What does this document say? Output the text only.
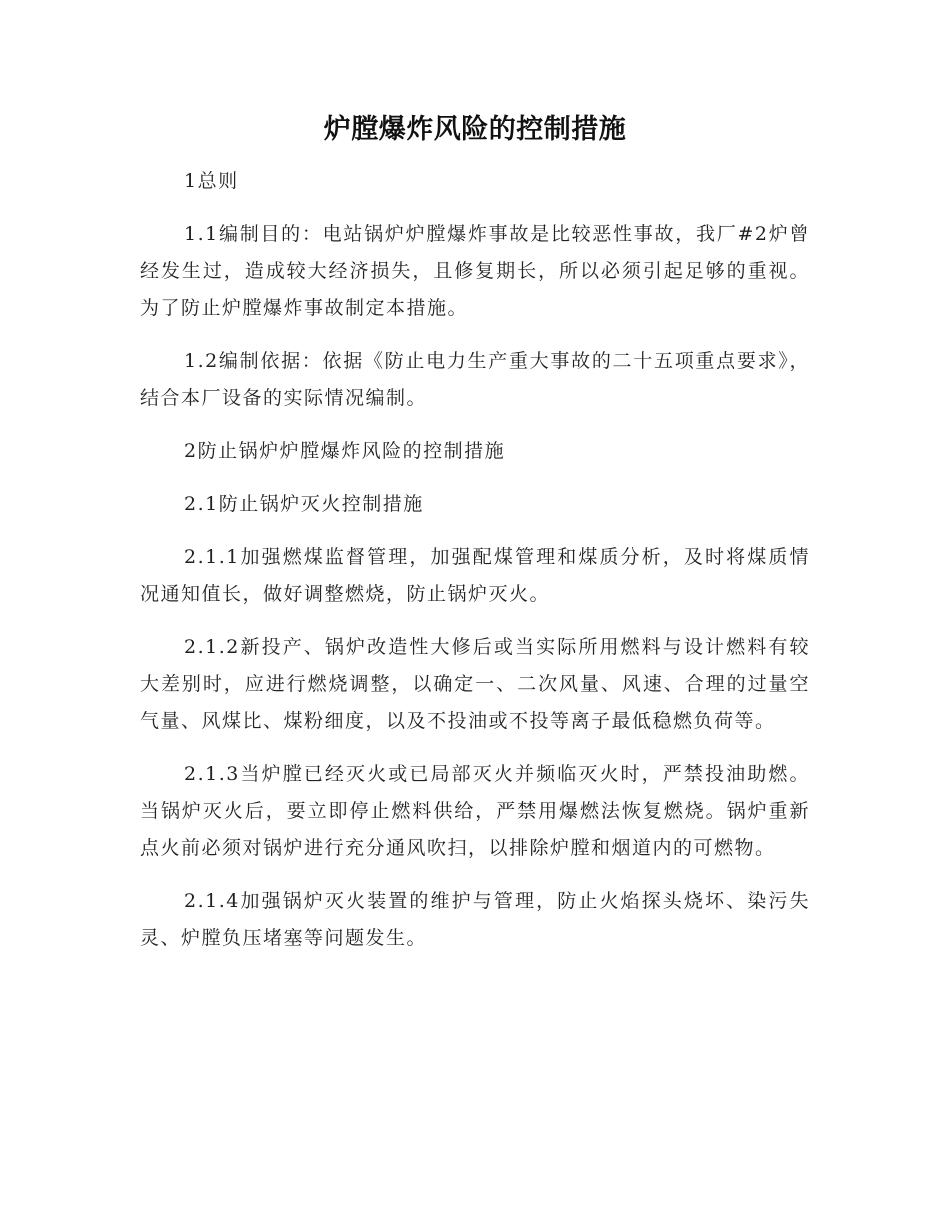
炉膛爆炸风险的控制措施

1总则

1.1编制目的：电站锅炉炉膛爆炸事故是比较恶性事故，我厂#2炉曾经发生过，造成较大经济损失，且修复期长，所以必须引起足够的重视。为了防止炉膛爆炸事故制定本措施。

1.2编制依据：依据《防止电力生产重大事故的二十五项重点要求》，结合本厂设备的实际情况编制。

2防止锅炉炉膛爆炸风险的控制措施

2.1防止锅炉灭火控制措施

2.1.1加强燃煤监督管理，加强配煤管理和煤质分析，及时将煤质情况通知值长，做好调整燃烧，防止锅炉灭火。

2.1.2新投产、锅炉改造性大修后或当实际所用燃料与设计燃料有较大差别时，应进行燃烧调整，以确定一、二次风量、风速、合理的过量空气量、风煤比、煤粉细度，以及不投油或不投等离子最低稳燃负荷等。

2.1.3当炉膛已经灭火或已局部灭火并频临灭火时，严禁投油助燃。当锅炉灭火后，要立即停止燃料供给，严禁用爆燃法恢复燃烧。锅炉重新点火前必须对锅炉进行充分通风吹扫，以排除炉膛和烟道内的可燃物。

2.1.4加强锅炉灭火装置的维护与管理，防止火焰探头烧坏、染污失灵、炉膛负压堵塞等问题发生。
